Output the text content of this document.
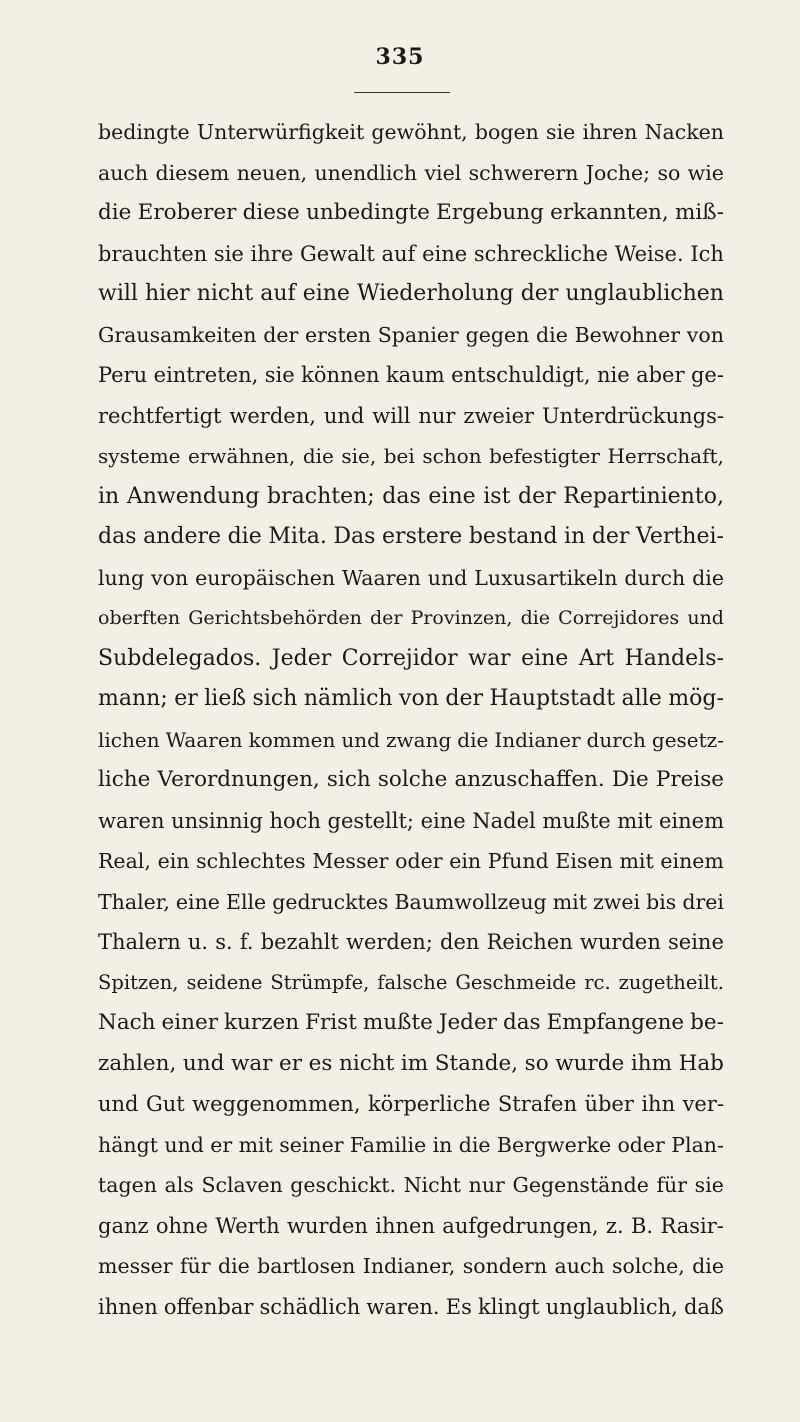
335
bedingte Unterwürfigkeit gewöhnt, bogen sie ihren Nacken
auch diesem neuen, unendlich viel schwerern Joche; so wie
die Eroberer diese unbedingte Ergebung erkannten, miß-
brauchten sie ihre Gewalt auf eine schreckliche Weise. Ich
will hier nicht auf eine Wiederholung der unglaublichen
Grausamkeiten der ersten Spanier gegen die Bewohner von
Peru eintreten, sie können kaum entschuldigt, nie aber ge-
rechtfertigt werden, und will nur zweier Unterdrückungs-
systeme erwähnen, die sie, bei schon befestigter Herrschaft,
in Anwendung brachten; das eine ist der Repartiniento,
das andere die Mita. Das erstere bestand in der Verthei-
lung von europäischen Waaren und Luxusartikeln durch die
oberften Gerichtsbehörden der Provinzen, die Correjidores und
Subdelegados. Jeder Correjidor war eine Art Handels-
mann; er ließ sich nämlich von der Hauptstadt alle mög-
lichen Waaren kommen und zwang die Indianer durch gesetz-
liche Verordnungen, sich solche anzuschaffen. Die Preise
waren unsinnig hoch gestellt; eine Nadel mußte mit einem
Real, ein schlechtes Messer oder ein Pfund Eisen mit einem
Thaler, eine Elle gedrucktes Baumwollzeug mit zwei bis drei
Thalern u. s. f. bezahlt werden; den Reichen wurden seine
Spitzen, seidene Strümpfe, falsche Geschmeide rc. zugetheilt.
Nach einer kurzen Frist mußte Jeder das Empfangene be-
zahlen, und war er es nicht im Stande, so wurde ihm Hab
und Gut weggenommen, körperliche Strafen über ihn ver-
hängt und er mit seiner Familie in die Bergwerke oder Plan-
tagen als Sclaven geschickt. Nicht nur Gegenstände für sie
ganz ohne Werth wurden ihnen aufgedrungen, z. B. Rasir-
messer für die bartlosen Indianer, sondern auch solche, die
ihnen offenbar schädlich waren. Es klingt unglaublich, daß
